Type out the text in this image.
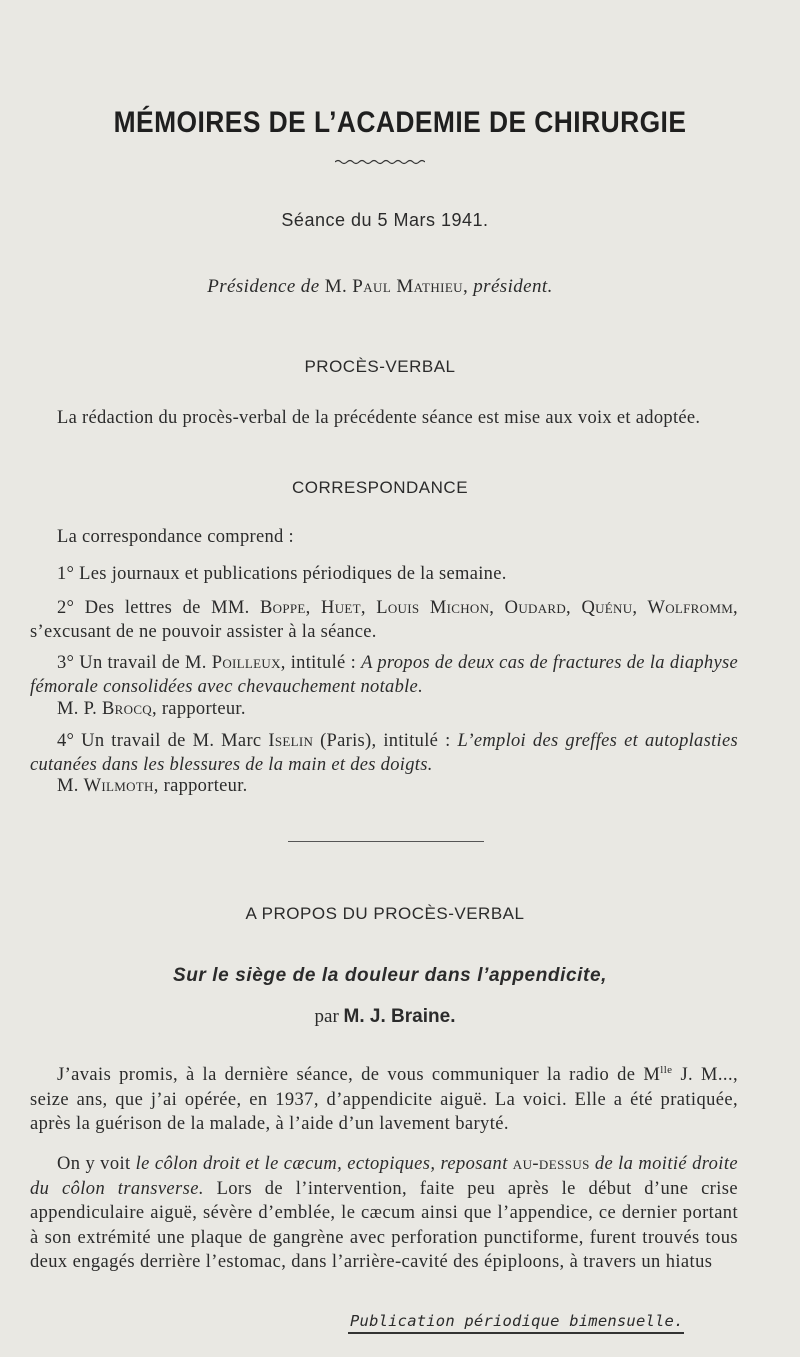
MÉMOIRES DE L’ACADEMIE DE CHIRURGIE
Séance du 5 Mars 1941.
Présidence de M. Paul Mathieu, président.
PROCÈS-VERBAL
La rédaction du procès-verbal de la précédente séance est mise aux voix et adoptée.
CORRESPONDANCE
La correspondance comprend :
1° Les journaux et publications périodiques de la semaine.
2° Des lettres de MM. Boppe, Huet, Louis Michon, Oudard, Quénu, Wolfromm, s’excusant de ne pouvoir assister à la séance.
3° Un travail de M. Poilleux, intitulé : A propos de deux cas de fractures de la diaphyse fémorale consolidées avec chevauchement notable.
M. P. Brocq, rapporteur.
4° Un travail de M. Marc Iselin (Paris), intitulé : L’emploi des greffes et autoplasties cutanées dans les blessures de la main et des doigts.
M. Wilmoth, rapporteur.
A PROPOS DU PROCÈS-VERBAL
Sur le siège de la douleur dans l’appendicite,
par M. J. Braine.
J’avais promis, à la dernière séance, de vous communiquer la radio de $M^{lle}$ J. M..., seize ans, que j’ai opérée, en 1937, d’appendicite aiguë. La voici. Elle a été pratiquée, après la guérison de la malade, à l’aide d’un lavement baryté.
On y voit le côlon droit et le cæcum, ectopiques, reposant au-dessus de la moitié droite du côlon transverse. Lors de l’intervention, faite peu après le début d’une crise appendiculaire aiguë, sévère d’emblée, le cæcum ainsi que l’appendice, ce dernier portant à son extrémité une plaque de gangrène avec perforation punctiforme, furent trouvés tous deux engagés derrière l’estomac, dans l’arrière-cavité des épiploons, à travers un hiatus
Publication périodique bimensuelle.
